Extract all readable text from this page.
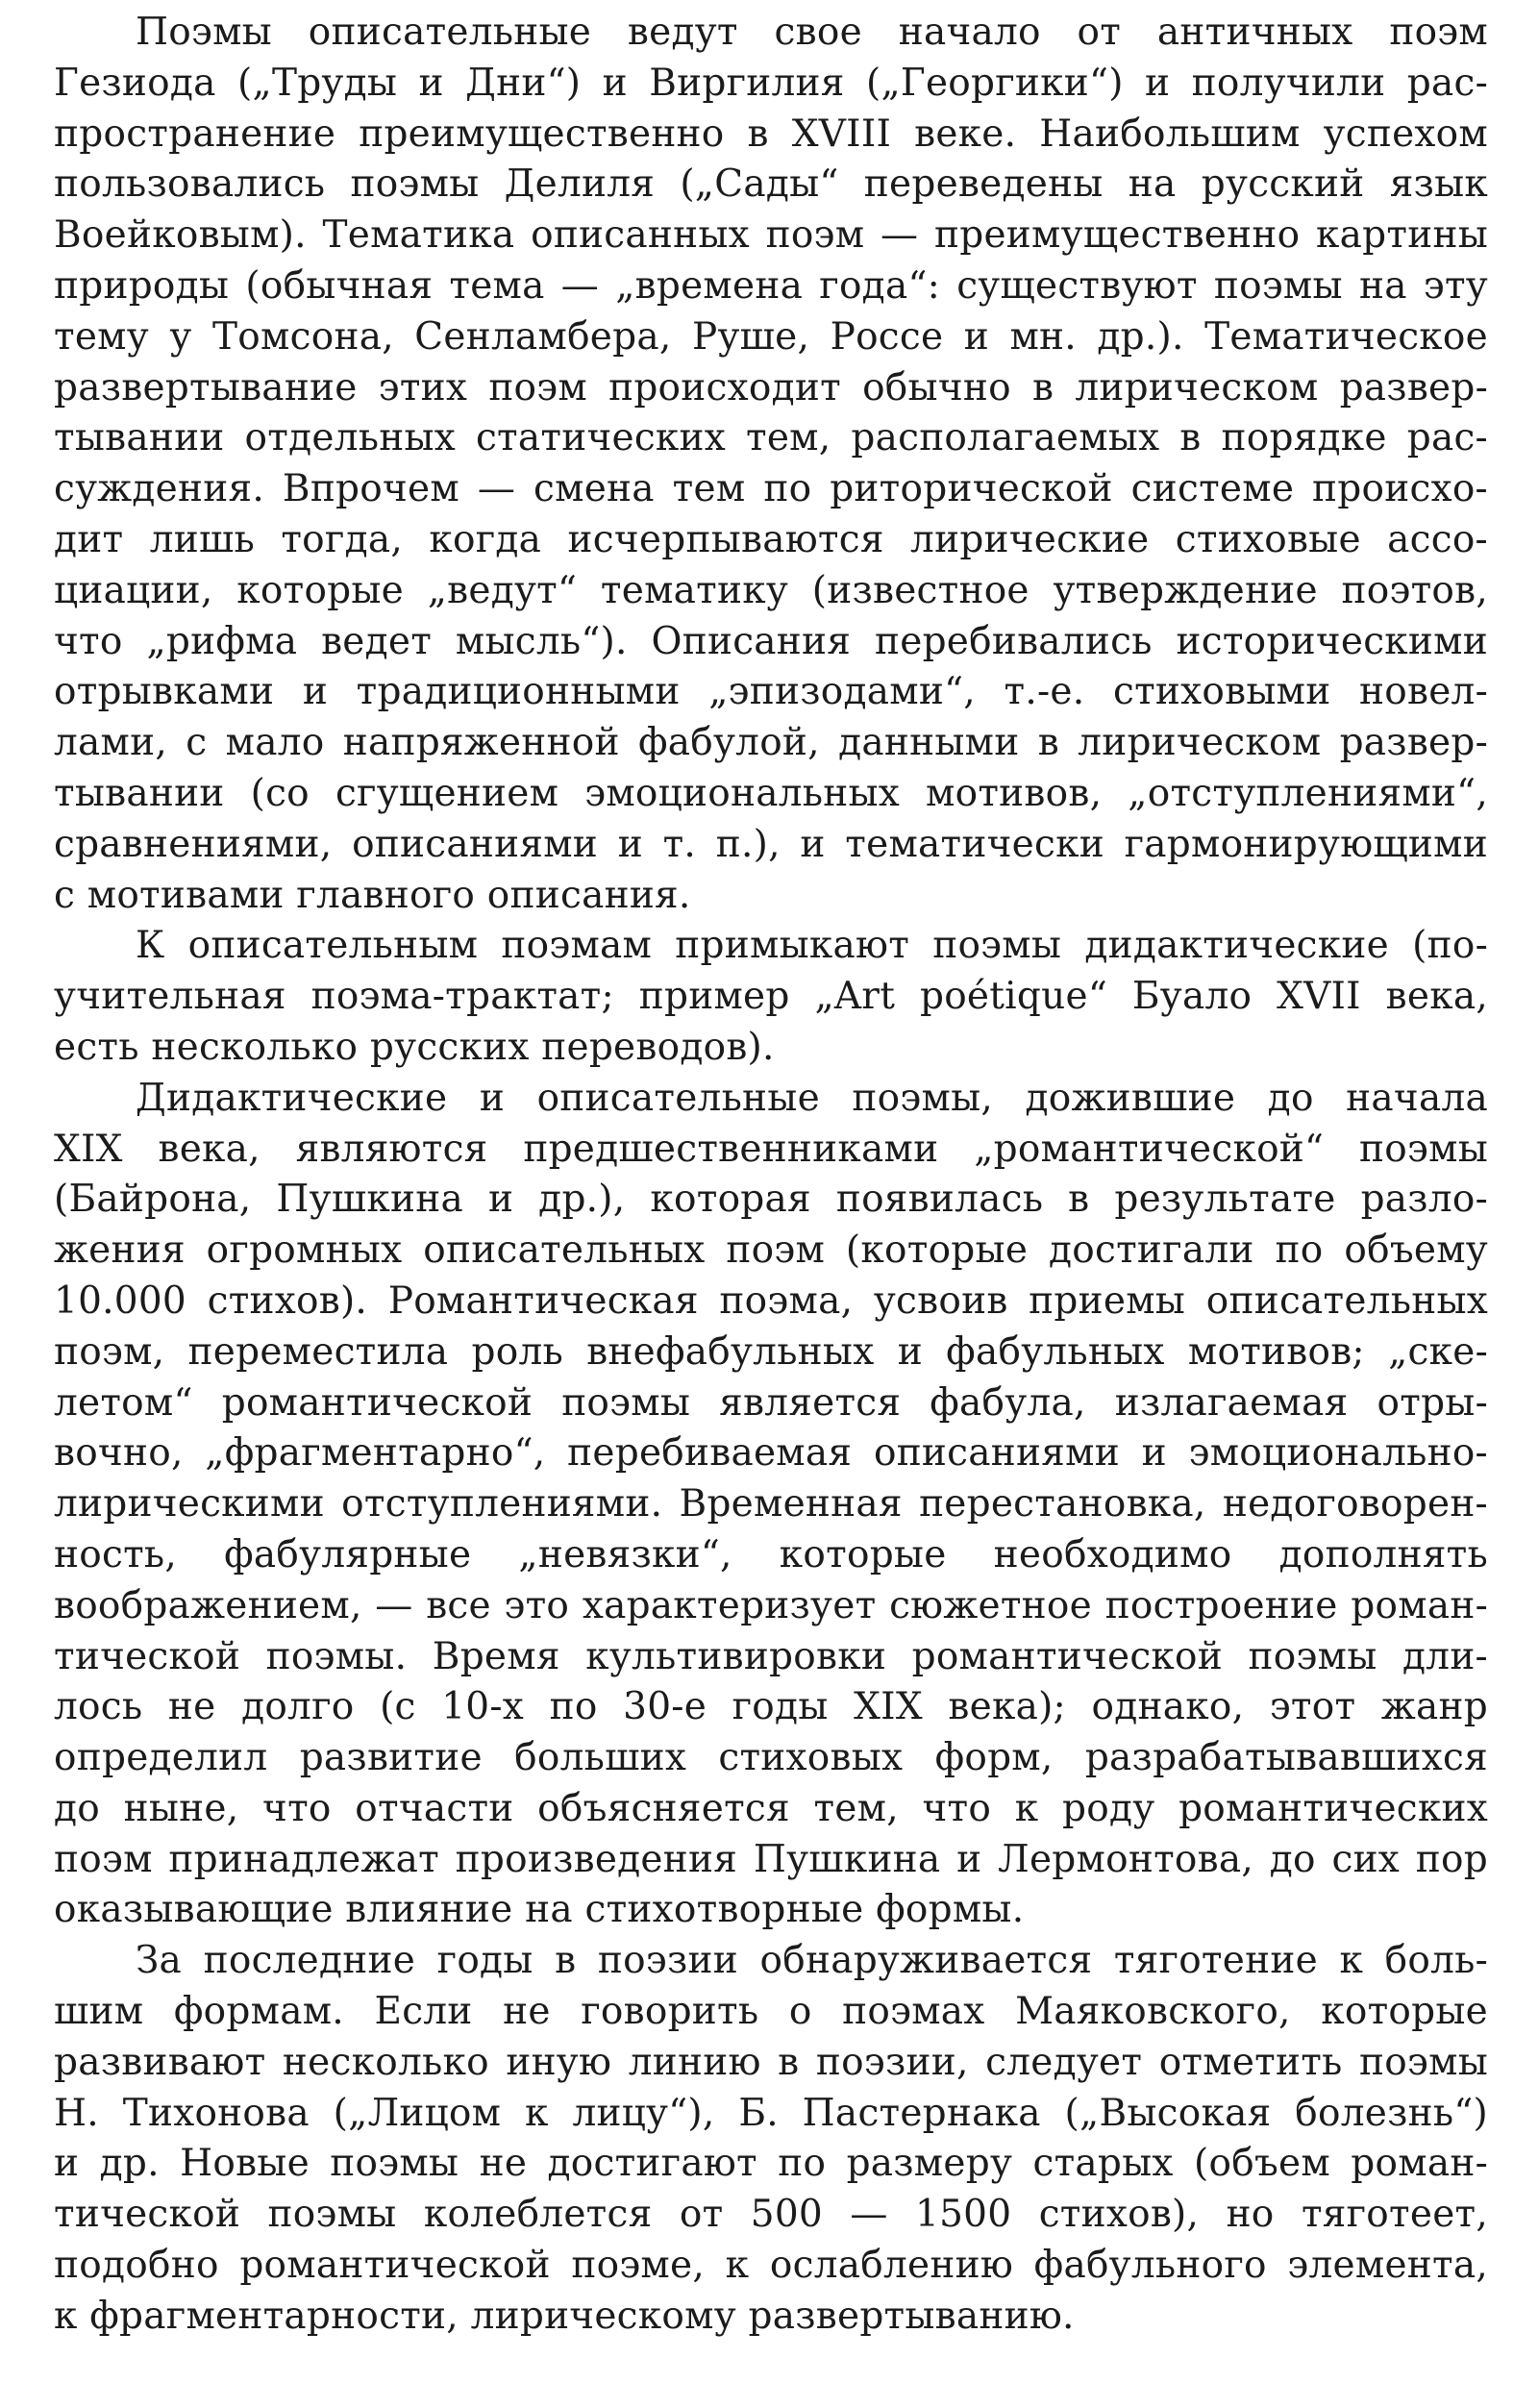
Поэмы описательные ведут свое начало от античных поэм
Гезиода („Труды и Дни“) и Виргилия („Георгики“) и получили рас-
пространение преимущественно в XVIII веке. Наибольшим успехом
пользовались поэмы Делиля („Сады“ переведены на русский язык
Воейковым). Тематика описанных поэм — преимущественно картины
природы (обычная тема — „времена года“: существуют поэмы на эту
тему у Томсона, Сенламбера, Руше, Россе и мн. др.). Тематическое
развертывание этих поэм происходит обычно в лирическом развер-
тывании отдельных статических тем, располагаемых в порядке рас-
суждения. Впрочем — смена тем по риторической системе происхо-
дит лишь тогда, когда исчерпываются лирические стиховые ассо-
циации, которые „ведут“ тематику (известное утверждение поэтов,
что „рифма ведет мысль“). Описания перебивались историческими
отрывками и традиционными „эпизодами“, т.-е. стиховыми новел-
лами, с мало напряженной фабулой, данными в лирическом развер-
тывании (со сгущением эмоциональных мотивов, „отступлениями“,
сравнениями, описаниями и т. п.), и тематически гармонирующими
с мотивами главного описания.
К описательным поэмам примыкают поэмы дидактические (по-
учительная поэма-трактат; пример „Art poétique“ Буало XVII века,
есть несколько русских переводов).
Дидактические и описательные поэмы, дожившие до начала
XIX века, являются предшественниками „романтической“ поэмы
(Байрона, Пушкина и др.), которая появилась в результате разло-
жения огромных описательных поэм (которые достигали по объему
10.000 стихов). Романтическая поэма, усвоив приемы описательных
поэм, переместила роль внефабульных и фабульных мотивов; „ске-
летом“ романтической поэмы является фабула, излагаемая отры-
вочно, „фрагментарно“, перебиваемая описаниями и эмоционально-
лирическими отступлениями. Временная перестановка, недоговорен-
ность, фабулярные „невязки“, которые необходимо дополнять
воображением, — все это характеризует сюжетное построение роман-
тической поэмы. Время культивировки романтической поэмы дли-
лось не долго (с 10-х по 30-е годы XIX века); однако, этот жанр
определил развитие больших стиховых форм, разрабатывавшихся
до ныне, что отчасти объясняется тем, что к роду романтических
поэм принадлежат произведения Пушкина и Лермонтова, до сих пор
оказывающие влияние на стихотворные формы.
За последние годы в поэзии обнаруживается тяготение к боль-
шим формам. Если не говорить о поэмах Маяковского, которые
развивают несколько иную линию в поэзии, следует отметить поэмы
Н. Тихонова („Лицом к лицу“), Б. Пастернака („Высокая болезнь“)
и др. Новые поэмы не достигают по размеру старых (объем роман-
тической поэмы колеблется от 500 — 1500 стихов), но тяготеет,
подобно романтической поэме, к ослаблению фабульного элемента,
к фрагментарности, лирическому развертыванию.
